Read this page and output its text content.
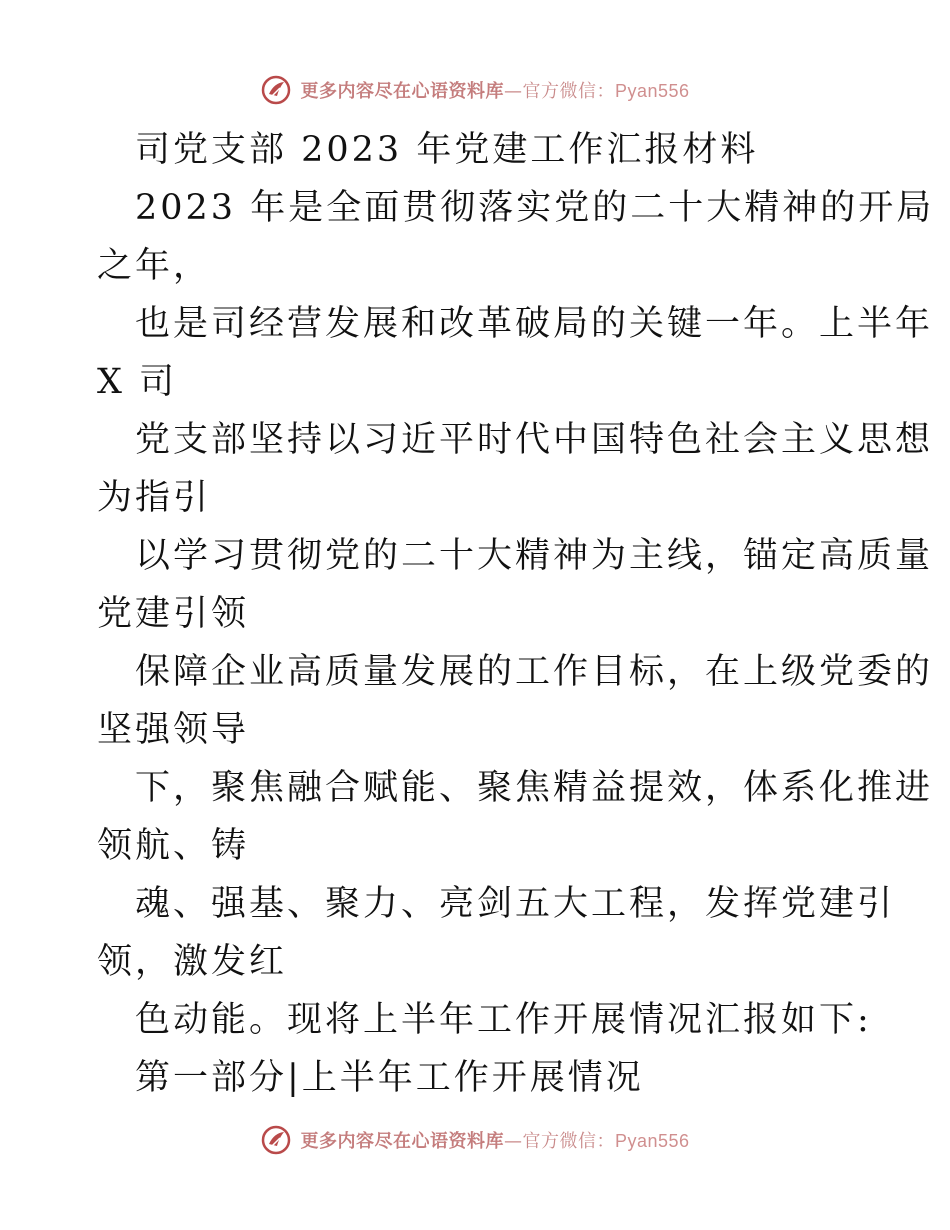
更多内容尽在心语资料库—官方微信：Pyan556
司党支部 2023 年党建工作汇报材料
2023 年是全面贯彻落实党的二十大精神的开局
之年，
也是司经营发展和改革破局的关键一年。上半年
X 司
党支部坚持以习近平时代中国特色社会主义思想
为指引
以学习贯彻党的二十大精神为主线，锚定高质量
党建引领
保障企业高质量发展的工作目标，在上级党委的
坚强领导
下，聚焦融合赋能、聚焦精益提效，体系化推进
领航、铸
魂、强基、聚力、亮剑五大工程，发挥党建引
领，激发红
色动能。现将上半年工作开展情况汇报如下:
第一部分|上半年工作开展情况
更多内容尽在心语资料库—官方微信：Pyan556
